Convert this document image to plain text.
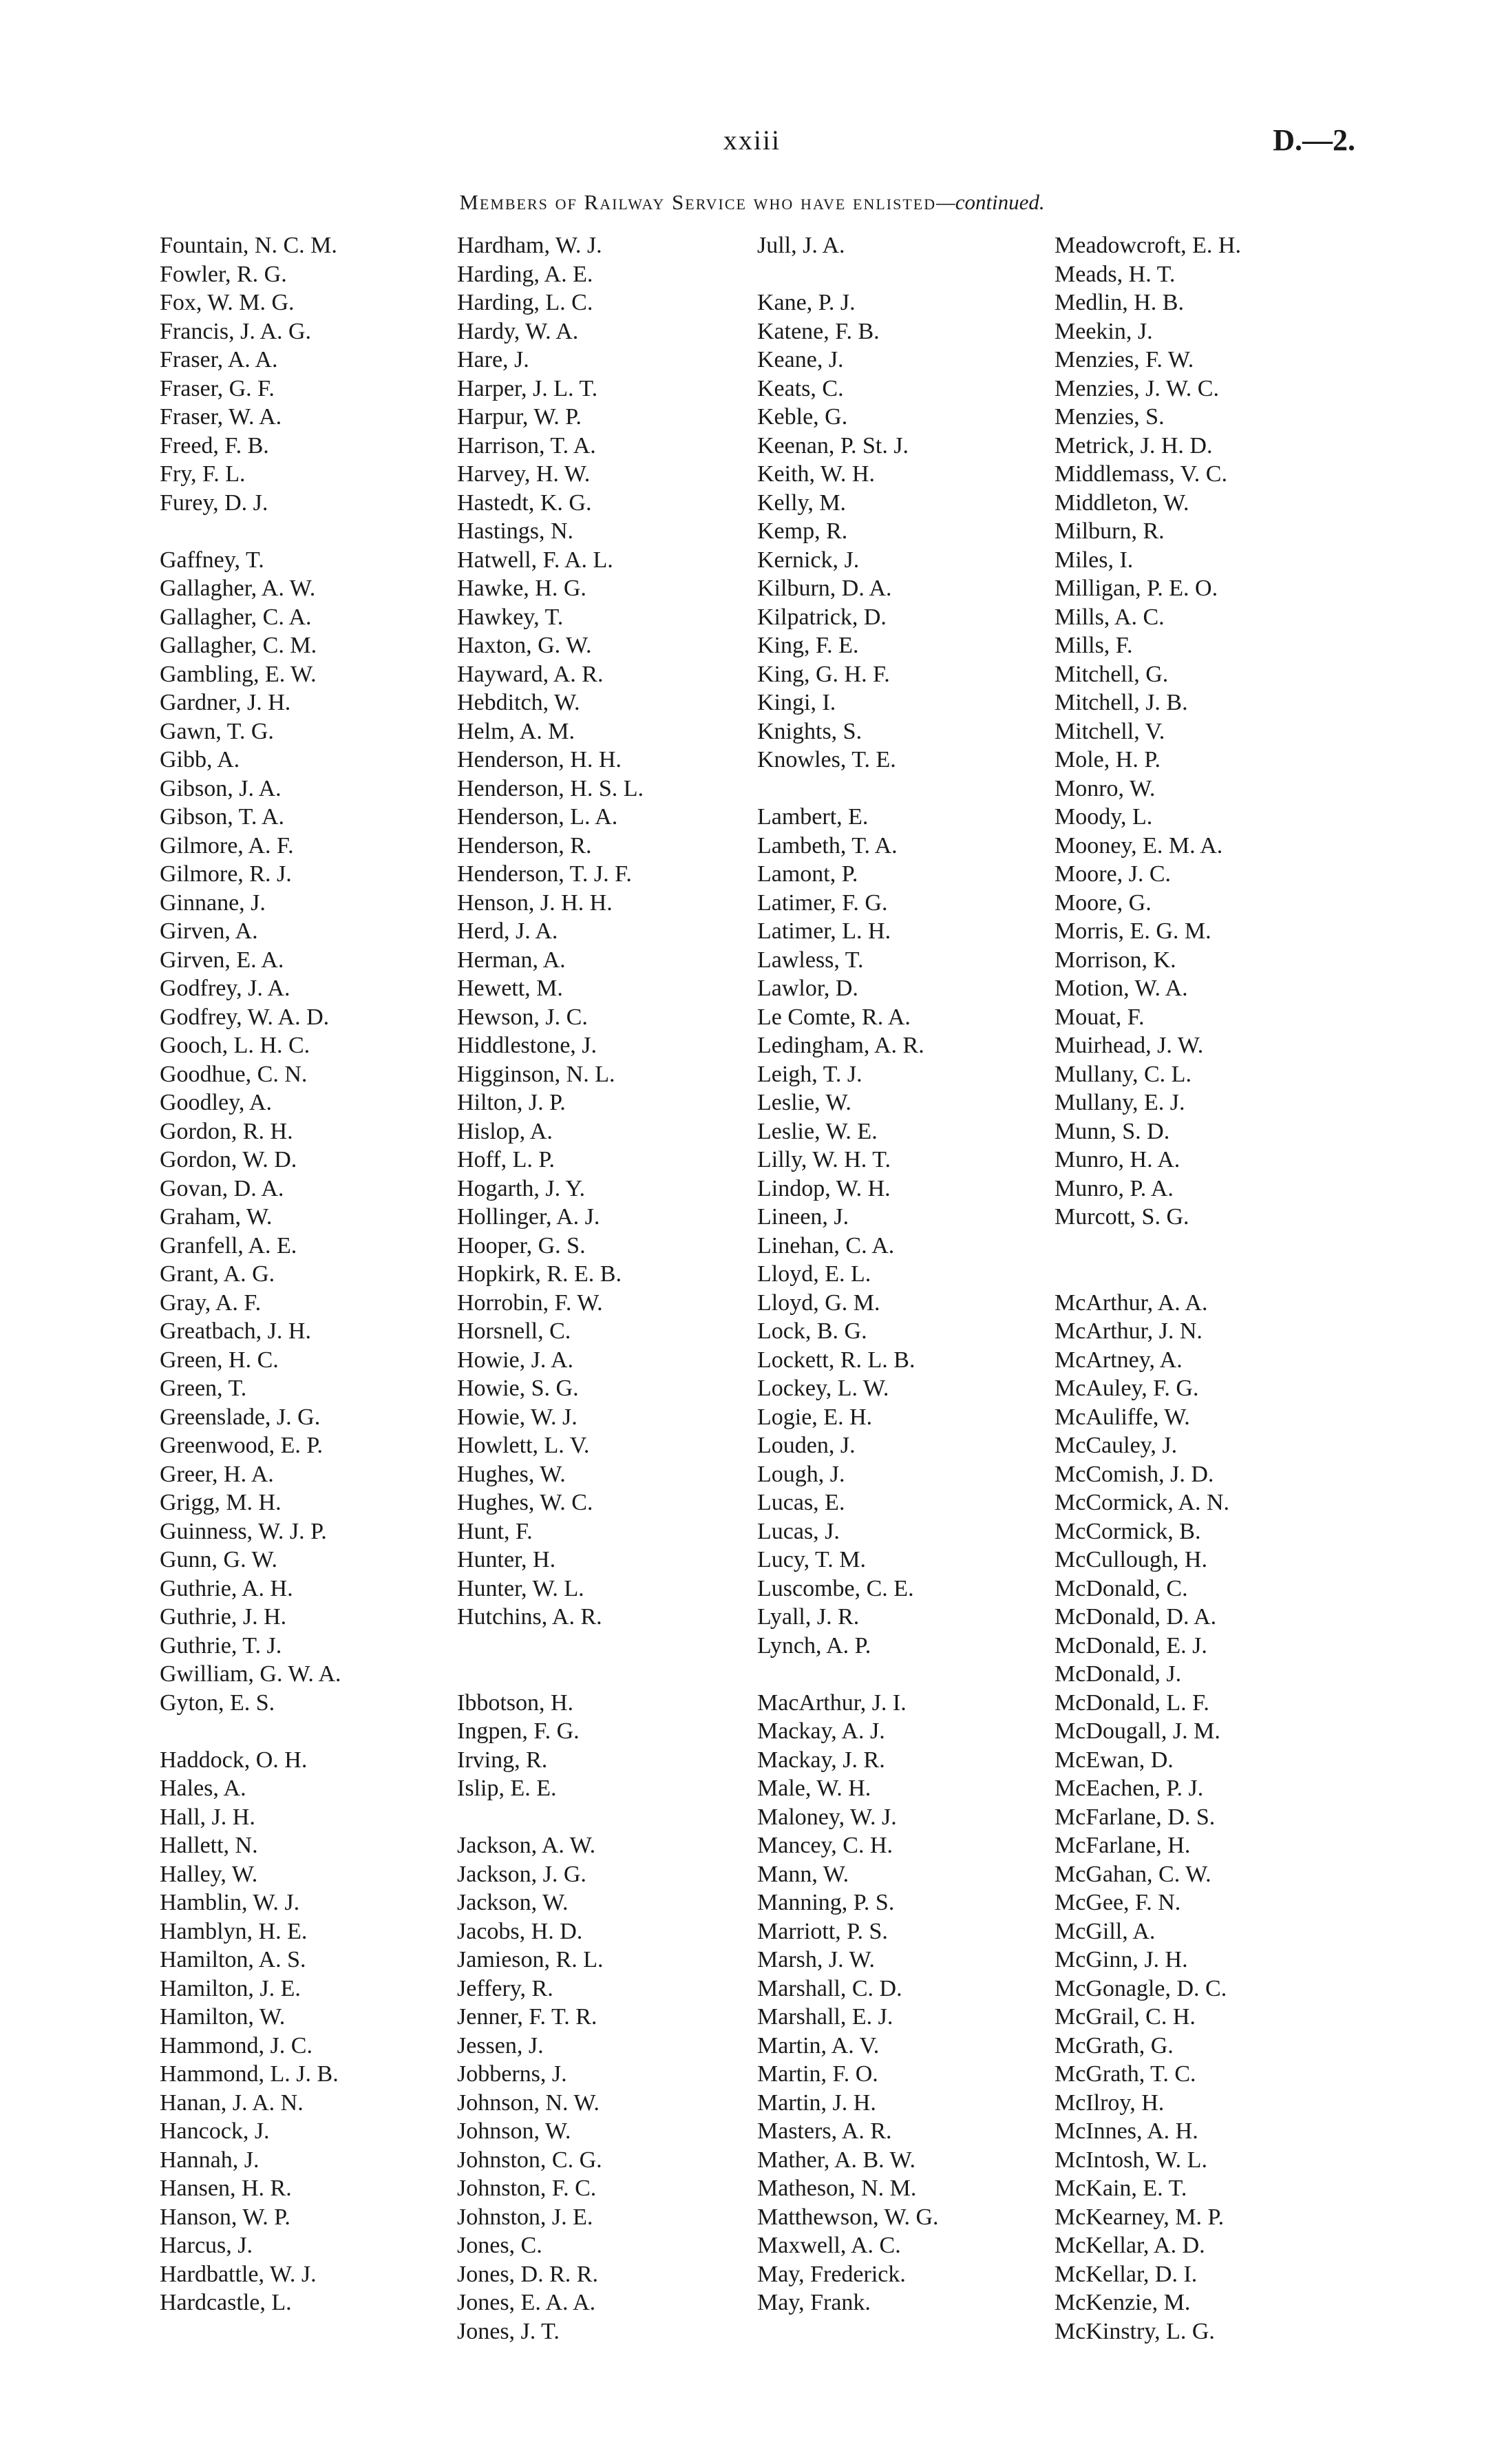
xxiii	D.—2.
Members of Railway Service who have enlisted—continued.
Fountain, N. C. M.
Fowler, R. G.
Fox, W. M. G.
Francis, J. A. G.
Fraser, A. A.
Fraser, G. F.
Fraser, W. A.
Freed, F. B.
Fry, F. L.
Furey, D. J.
Gaffney, T.
Gallagher, A. W.
Gallagher, C. A.
Gallagher, C. M.
Gambling, E. W.
Gardner, J. H.
Gawn, T. G.
Gibb, A.
Gibson, J. A.
Gibson, T. A.
Gilmore, A. F.
Gilmore, R. J.
Ginnane, J.
Girven, A.
Girven, E. A.
Godfrey, J. A.
Godfrey, W. A. D.
Gooch, L. H. C.
Goodhue, C. N.
Goodley, A.
Gordon, R. H.
Gordon, W. D.
Govan, D. A.
Graham, W.
Granfell, A. E.
Grant, A. G.
Gray, A. F.
Greatbach, J. H.
Green, H. C.
Green, T.
Greenslade, J. G.
Greenwood, E. P.
Greer, H. A.
Grigg, M. H.
Guinness, W. J. P.
Gunn, G. W.
Guthrie, A. H.
Guthrie, J. H.
Guthrie, T. J.
Gwilliam, G. W. A.
Gyton, E. S.
Haddock, O. H.
Hales, A.
Hall, J. H.
Hallett, N.
Halley, W.
Hamblin, W. J.
Hamblyn, H. E.
Hamilton, A. S.
Hamilton, J. E.
Hamilton, W.
Hammond, J. C.
Hammond, L. J. B.
Hanan, J. A. N.
Hancock, J.
Hannah, J.
Hansen, H. R.
Hanson, W. P.
Harcus, J.
Hardbattle, W. J.
Hardcastle, L.
Hardham, W. J.
Harding, A. E.
Harding, L. C.
Hardy, W. A.
Hare, J.
Harper, J. L. T.
Harpur, W. P.
Harrison, T. A.
Harvey, H. W.
Hastedt, K. G.
Hastings, N.
Hatwell, F. A. L.
Hawke, H. G.
Hawkey, T.
Haxton, G. W.
Hayward, A. R.
Hebditch, W.
Helm, A. M.
Henderson, H. H.
Henderson, H. S. L.
Henderson, L. A.
Henderson, R.
Henderson, T. J. F.
Henson, J. H. H.
Herd, J. A.
Herman, A.
Hewett, M.
Hewson, J. C.
Hiddlestone, J.
Higginson, N. L.
Hilton, J. P.
Hislop, A.
Hoff, L. P.
Hogarth, J. Y.
Hollinger, A. J.
Hooper, G. S.
Hopkirk, R. E. B.
Horrobin, F. W.
Horsnell, C.
Howie, J. A.
Howie, S. G.
Howie, W. J.
Howlett, L. V.
Hughes, W.
Hughes, W. C.
Hunt, F.
Hunter, H.
Hunter, W. L.
Hutchins, A. R.
Ibbotson, H.
Ingpen, F. G.
Irving, R.
Islip, E. E.
Jackson, A. W.
Jackson, J. G.
Jackson, W.
Jacobs, H. D.
Jamieson, R. L.
Jeffery, R.
Jenner, F. T. R.
Jessen, J.
Jobberns, J.
Johnson, N. W.
Johnson, W.
Johnston, C. G.
Johnston, F. C.
Johnston, J. E.
Jones, C.
Jones, D. R. R.
Jones, E. A. A.
Jones, J. T.
Jull, J. A.
Kane, P. J.
Katene, F. B.
Keane, J.
Keats, C.
Keble, G.
Keenan, P. St. J.
Keith, W. H.
Kelly, M.
Kemp, R.
Kernick, J.
Kilburn, D. A.
Kilpatrick, D.
King, F. E.
King, G. H. F.
Kingi, I.
Knights, S.
Knowles, T. E.
Lambert, E.
Lambeth, T. A.
Lamont, P.
Latimer, F. G.
Latimer, L. H.
Lawless, T.
Lawlor, D.
Le Comte, R. A.
Ledingham, A. R.
Leigh, T. J.
Leslie, W.
Leslie, W. E.
Lilly, W. H. T.
Lindop, W. H.
Lineen, J.
Linehan, C. A.
Lloyd, E. L.
Lloyd, G. M.
Lock, B. G.
Lockett, R. L. B.
Lockey, L. W.
Logie, E. H.
Louden, J.
Lough, J.
Lucas, E.
Lucas, J.
Lucy, T. M.
Luscombe, C. E.
Lyall, J. R.
Lynch, A. P.
MacArthur, J. I.
Mackay, A. J.
Mackay, J. R.
Male, W. H.
Maloney, W. J.
Mancey, C. H.
Mann, W.
Manning, P. S.
Marriott, P. S.
Marsh, J. W.
Marshall, C. D.
Marshall, E. J.
Martin, A. V.
Martin, F. O.
Martin, J. H.
Masters, A. R.
Mather, A. B. W.
Matheson, N. M.
Matthewson, W. G.
Maxwell, A. C.
May, Frederick.
May, Frank.
Meadowcroft, E. H.
Meads, H. T.
Medlin, H. B.
Meekin, J.
Menzies, F. W.
Menzies, J. W. C.
Menzies, S.
Metrick, J. H. D.
Middlemass, V. C.
Middleton, W.
Milburn, R.
Miles, I.
Milligan, P. E. O.
Mills, A. C.
Mills, F.
Mitchell, G.
Mitchell, J. B.
Mitchell, V.
Mole, H. P.
Monro, W.
Moody, L.
Mooney, E. M. A.
Moore, J. C.
Moore, G.
Morris, E. G. M.
Morrison, K.
Motion, W. A.
Mouat, F.
Muirhead, J. W.
Mullany, C. L.
Mullany, E. J.
Munn, S. D.
Munro, H. A.
Munro, P. A.
Murcott, S. G.
McArthur, A. A.
McArthur, J. N.
McArtney, A.
McAuley, F. G.
McAuliffe, W.
McCauley, J.
McComish, J. D.
McCormick, A. N.
McCormick, B.
McCullough, H.
McDonald, C.
McDonald, D. A.
McDonald, E. J.
McDonald, J.
McDonald, L. F.
McDougall, J. M.
McEwan, D.
McEachen, P. J.
McFarlane, D. S.
McFarlane, H.
McGahan, C. W.
McGee, F. N.
McGill, A.
McGinn, J. H.
McGonagle, D. C.
McGrail, C. H.
McGrath, G.
McGrath, T. C.
McIlroy, H.
McInnes, A. H.
McIntosh, W. L.
McKain, E. T.
McKearney, M. P.
McKellar, A. D.
McKellar, D. I.
McKenzie, M.
McKinstry, L. G.
